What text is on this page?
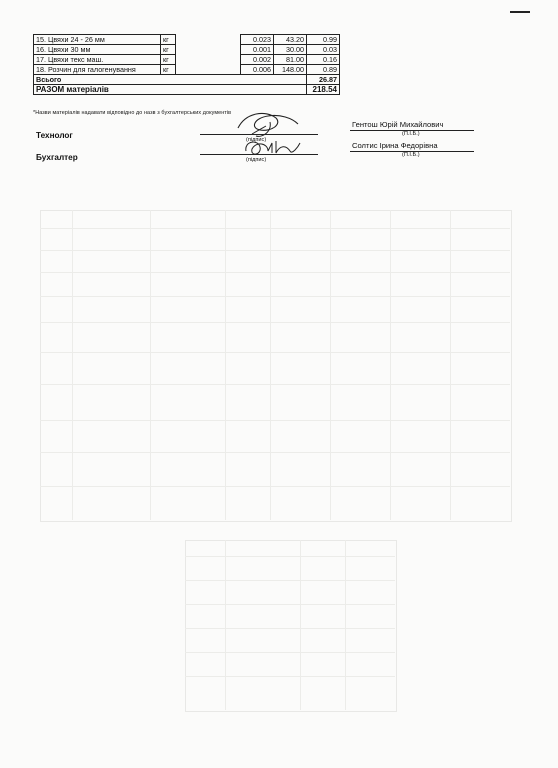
15. Цвяхи 24 - 26 мм	кг		0.023	43.20	0.99
16. Цвяхи 30 мм	кг		0.001	30.00	0.03
17. Цвяхи текс маш.	кг		0.002	81.00	0.16
18. Розчин для галогенування	кг		0.006	148.00	0.89
Всього					26.87
РАЗОМ матеріалів					218.54
*Назви матеріалів надавати відповідно до назв з бухгалтерських документів
Технолог	(підпис)
Гентош Юрій Михайлович
(П.І.Б.)
Бухгалтер	(підпис)
Солтис Ірина Федорівна
(П.І.Б.)
